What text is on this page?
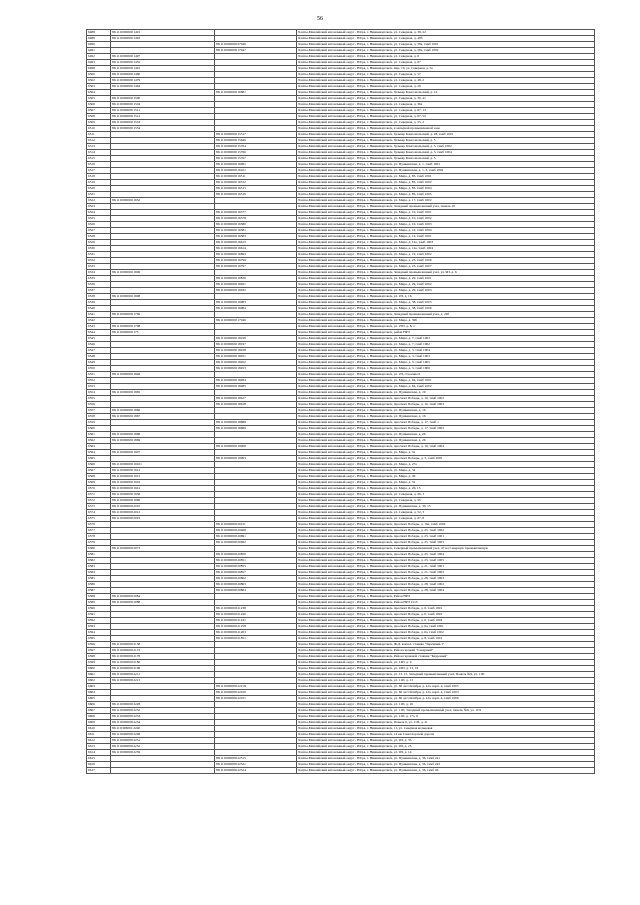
56
6488	86:11:0000000:1491		Ханты-Мансийский автономный округ - Югра, г. Нижневартовск, ул. Северная, д. 39, 22
6489	86:11:0000000:1493		Ханты-Мансийский автономный округ - Югра, г. Нижневартовск, ул. Северная, д. 49б
6490		86:11:0000000:27946	Ханты-Мансийский автономный округ - Югра, г. Нижневартовск, ул. Северная, д. 58а, тамб 1001
6491		86:11:0000000:17947	Ханты-Мансийский автономный округ - Югра, г. Нижневартовск, ул. Северная, д. 58а, тамб 1002
6492	86:11:0000000:1497		Ханты-Мансийский автономный округ - Югра, г. Нижневартовск, ул. Северная, д. 6
6493	86:11:0000000:1455		Ханты-Мансийский автономный округ - Югра, г. Нижневартовск, ул. Северная, д. 67
6498	86:11:0000000:1461		Ханты-Мансийский автономный округ - Югра, г. Нижневартовск, мкр. 10, ул. Северная, д. 5а
6500	86:11:0000000:1460		Ханты-Мансийский автономный округ - Югра, г. Нижневартовск, ул. Северная, д. 57
6502	86:11:0000000:1479		Ханты-Мансийский автономный округ - Югра, г. Нижневартовск, ул. Северная, д. 48, 2
6503	86:11:0000000:1464		Ханты-Мансийский автономный округ - Югра, г. Нижневартовск, ул. Северная, д. 29
6504		86:11:0000000:16681	Ханты-Мансийский автономный округ - Югра, г. Нижневартовск, бульвар Комсомольский, д. 14
6505	86:11:0000000:1500		Ханты-Мансийский автономный округ - Югра, г. Нижневартовск, ул. Северная, д. 30, 41
6506	86:11:0000000:1504		Ханты-Мансийский автономный округ - Югра, г. Нижневартовск, ул. Северная, д. 36а
6507	86:11:0000000:1511		Ханты-Мансийский автономный округ - Югра, г. Нижневартовск, ул. Северная, д. 67, 13
6508	86:11:0000000:1512		Ханты-Мансийский автономный округ - Югра, г. Нижневартовск, ул. Северная, д. 67, 52
6509	86:11:0000000:1533		Ханты-Мансийский автономный округ - Югра, г. Нижневартовск, ул. Северная, д. 55, 2
6510	86:11:0000000:1534		Ханты-Мансийский автономный округ - Югра, г. Нижневартовск, в западной промышленной зоне
6511		86:11:0000000:15317	Ханты-Мансийский автономный округ - Югра, г. Нижневартовск, бульвар Комсомольский, д. 28, тамб 1001
6512		86:11:0000000:15646	Ханты-Мансийский автономный округ - Югра, г. Нижневартовск, бульвар Комсомольский, д. 5
6513		86:11:0000000:15764	Ханты-Мансийский автономный округ - Югра, г. Нижневартовск, бульвар Комсомольский, д. 5, тамб 1002
6514		86:11:0000000:15766	Ханты-Мансийский автономный округ - Югра, г. Нижневартовск, бульвар Комсомольский, д. 5, тамб 1004
6515		86:11:0000000:15767	Ханты-Мансийский автономный округ - Югра, г. Нижневартовск, бульвар Комсомольский, д. 5
6516		86:11:0000000:16091	Ханты-Мансийский автономный округ - Югра, г. Нижневартовск, ул. Пушкинская, д. 1, тамб 1001
6517		86:11:0000000:16101	Ханты-Мансийский автономный округ - Югра, г. Нижневартовск, ул. Пушкинская, д. 1, 3, тамб 1002
6518		86:11:0000000:16511	Ханты-Мансийский автономный округ - Югра, г. Нижневартовск, ул. Мира, д. 85, тамб 1001
6519		86:11:0000000:16512	Ханты-Мансийский автономный округ - Югра, г. Нижневартовск, ул. Мира, д. 85, тамб 1002
6520		86:11:0000000:16513	Ханты-Мансийский автономный округ - Югра, г. Нижневартовск, ул. Мира, д. 85, тамб 1004
6521		86:11:0000000:16516	Ханты-Мансийский автономный округ - Югра, г. Нижневартовск, ул. Мира, д. 85, тамб 1005
6522	86:11:0000000:1652		Ханты-Мансийский автономный округ - Югра, г. Нижневартовск, ул. Мира, д. 17, тамб 1002
6523			Ханты-Мансийский автономный округ - Югра, г. Нижневартовск, Западный промышленный узел, панель 16
6524		86:11:0000000:16577	Ханты-Мансийский автономный округ - Югра, г. Нижневартовск, ул. Мира, д. 10, тамб 1001
6525		86:11:0000000:16578	Ханты-Мансийский автономный округ - Югра, г. Нижневартовск, ул. Мира, д. 10, тамб 1002
6526		86:11:0000000:16580	Ханты-Мансийский автономный округ - Югра, г. Нижневартовск, ул. Мира, д. 10, тамб 1003
6527		86:11:0000000:16581	Ханты-Мансийский автономный округ - Югра, г. Нижневартовск, ул. Мира, д. 10, тамб 1004
6528		86:11:0000000:16583	Ханты-Мансийский автономный округ - Югра, г. Нижневартовск, ул. Мира, д. 14, тамб 1001
6529		86:11:0000000:16613	Ханты-Мансийский автономный округ - Югра, г. Нижневартовск, ул. Мира, д. 14а, тамб 1003
6530		86:11:0000000:16614	Ханты-Мансийский автономный округ - Югра, г. Нижневартовск, ул. Мира, д. 14а, тамб 1004
6531		86:11:0000000:16693	Ханты-Мансийский автономный округ - Югра, г. Нижневартовск, ул. Мира, д. 19, тамб 1002
6532		86:11:0000000:16796	Ханты-Мансийский автономный округ - Югра, г. Нижневартовск, ул. Мира, д. 23, тамб 1006
6533		86:11:0000000:16797	Ханты-Мансийский автономный округ - Югра, г. Нижневартовск, ул. Мира, д. 23, тамб 1007
6534	86:11:0000000:1696		Ханты-Мансийский автономный округ - Югра, г. Нижневартовск, Западный промышленный узел, ул. 9П, д. 6
6535		86:11:0000000:16830	Ханты-Мансийский автономный округ - Югра, г. Нижневартовск, ул. Мира, д. 29, тамб 1001
6536		86:11:0000000:16921	Ханты-Мансийский автономный округ - Югра, г. Нижневартовск, ул. Мира, д. 29, тамб 1002
6537		86:11:0000000:16932	Ханты-Мансийский автономный округ - Югра, г. Нижневартовск, ул. Мира, д. 29, тамб 1003
6538	86:11:0000000:1698		Ханты-Мансийский автономный округ - Югра, г. Нижневартовск, ул. 2П, д. 16
6539		86:11:0000000:16983	Ханты-Мансийский автономный округ - Югра, г. Нижневартовск, ул. Мира, д. 38, тамб 1005
6540		86:11:0000000:16984	Ханты-Мансийский автономный округ - Югра, г. Нижневартовск, ул. Мира, д. 38, тамб 1006
6541	86:11:0000000:1706		Ханты-Мансийский автономный округ - Югра, г. Нижневартовск, Западный промышленный узел, д. 24б
6542		86:11:0000000:17046	Ханты-Мансийский автономный округ - Югра, г. Нижневартовск, ул. Мира, д. 39б
6543	86:11:0000000:1708		Ханты-Мансийский автономный округ - Югра, г. Нижневартовск, ул. 25П, д. 8, 1
6544	86:11:0000000:175		Ханты-Мансийский автономный округ - Югра, г. Нижневартовск, район НРЭ
6545		86:11:0000000:18196	Ханты-Мансийский автономный округ - Югра, г. Нижневартовск, ул. Мира, д. 7, тамб 1003
6546		86:11:0000000:18197	Ханты-Мансийский автономный округ - Югра, г. Нижневартовск, ул. Мира, д. 7, тамб 1002
6547		86:11:0000000:18438	Ханты-Мансийский автономный округ - Югра, г. Нижневартовск, ул. Мира, д. 3, тамб 1004
6548		86:11:0000000:18451	Ханты-Мансийский автономный округ - Югра, г. Нижневартовск, ул. Мира, д. 3, тамб 1003
6549		86:11:0000000:18452	Ханты-Мансийский автономный округ - Югра, г. Нижневартовск, ул. Мира, д. 3, тамб 1005
6550		86:11:0000000:18453	Ханты-Мансийский автономный округ - Югра, г. Нижневартовск, ул. Мира, д. 3, тамб 1006
6551	86:11:0000000:1846		Ханты-Мансийский автономный округ - Югра, г. Нижневартовск, ул. 2П, строение 6
6552		86:11:0000000:18484	Ханты-Мансийский автономный округ - Югра, г. Нижневартовск, ул. Мира, д. 64, тамб 1001
6553		86:11:0000000:18485	Ханты-Мансийский автономный округ - Югра, г. Нижневартовск, ул. Мира, д. 64, тамб 1002
6554	86:11:0000000:1865		Ханты-Мансийский автономный округ - Югра, г. Нижневартовск, ул. Пушкинская, д. 19
6555		86:11:0000000:18617	Ханты-Мансийский автономный округ - Югра, г. Нижневартовск, проспект Победы, д. 10, тамб 1002
6556		86:11:0000000:18618	Ханты-Мансийский автономный округ - Югра, г. Нижневартовск, проспект Победы, д. 10, тамб 1003
6557	86:11:0000000:1866		Ханты-Мансийский автономный округ - Югра, г. Нижневартовск, ул. Пушкинская, д. 16
6558	86:11:0000000:1867		Ханты-Мансийский автономный округ - Югра, г. Нижневартовск, ул. Пушкинская, д. 16
6559		86:11:0000000:18688	Ханты-Мансийский автономный округ - Югра, г. Нижневартовск, проспект Победы, д. 17, тамб 1
6560		86:11:0000000:18689	Ханты-Мансийский автономный округ - Югра, г. Нижневартовск, проспект Победы, д. 17, тамб 1002
6561	86:11:0000000:1868		Ханты-Мансийский автономный округ - Югра, г. Нижневартовск, ул. Пушкинская, д. 26
6562	86:11:0000000:1869		Ханты-Мансийский автономный округ - Югра, г. Нижневартовск, ул. Пушкинская, д. 26
6563		86:11:0000000:19008	Ханты-Мансийский автономный округ - Югра, г. Нижневартовск, проспект Победы, д. 19, тамб 1004
6564	86:11:0000000:1907		Ханты-Мансийский автономный округ - Югра, г. Нижневартовск, ул. Мира, д. 3а
6565		86:11:0000000:19093	Ханты-Мансийский автономный округ - Югра, г. Нижневартовск, проспект Победы, д. 3, тамб 1005
6566	86:11:0000000:19101		Ханты-Мансийский автономный округ - Югра, г. Нижневартовск, ул. Мира, д. 27а
6567	86:11:0000000:1912		Ханты-Мансийский автономный округ - Югра, г. Нижневартовск, ул. Мира, д. 34
6568	86:11:0000000:1915		Ханты-Мансийский автономный округ - Югра, г. Нижневартовск, ул. Мира, д. 40
6569	86:11:0000000:1916		Ханты-Мансийский автономный округ - Югра, г. Нижневартовск, ул. Мира, д. 32
6570	86:11:0000000:1941		Ханты-Мансийский автономный округ - Югра, г. Нижневартовск, ул. Мира, д. 26, 15
6571	86:11:0000000:1956		Ханты-Мансийский автономный округ - Югра, г. Нижневартовск, ул. Северная, д. 26, 3
6572	86:11:0000000:1966		Ханты-Мансийский автономный округ - Югра, г. Нижневартовск, ул. Северная, д. 5б
6573	86:11:0000000:2010		Ханты-Мансийский автономный округ - Югра, г. Нижневартовск, ул. Пушкинская, д. 30, 15
6574	86:11:0000000:2012		Ханты-Мансийский автономный округ - Югра, г. Нижневартовск, ул. Северная, д. 52, 3
6575	86:11:0000000:2023		Ханты-Мансийский автономный округ - Югра, г. Нижневартовск, ул. Северная, д. 67, 8
6576		86:11:0000000:20211	Ханты-Мансийский автономный округ - Югра, г. Нижневартовск, проспект Победы, д. 16а, тамб 1004
6577		86:11:0000000:20468	Ханты-Мансийский автономный округ - Югра, г. Нижневартовск, проспект Победы, д. 25, тамб 1002
6578		86:11:0000000:20691	Ханты-Мансийский автономный округ - Югра, г. Нижневартовск, проспект Победы, д. 25, тамб 1001
6579		86:11:0000000:20692	Ханты-Мансийский автономный округ - Югра, г. Нижневартовск, проспект Победы, д. 25, тамб 1003
6580	86:11:0000000:2073		Ханты-Мансийский автономный округ - Югра, г. Нижневартовск, Северный промышленный узел, 47 на Северную промышленную
6581		86:11:0000000:20850	Ханты-Мансийский автономный округ - Югра, г. Нижневартовск, проспект Победы, д. 25, тамб 1004
6582		86:11:0000000:20851	Ханты-Мансийский автономный округ - Югра, г. Нижневартовск, проспект Победы, д. 25, тамб 1005
6583		86:11:0000000:20855	Ханты-Мансийский автономный округ - Югра, г. Нижневартовск, проспект Победы, д. 21, тамб 1001
6584		86:11:0000000:20857	Ханты-Мансийский автономный округ - Югра, г. Нижневартовск, проспект Победы, д. 21, тамб 1002
6585		86:11:0000000:20862	Ханты-Мансийский автономный округ - Югра, г. Нижневартовск, проспект Победы, д. 28, тамб 1003
6586		86:11:0000000:20863	Ханты-Мансийский автономный округ - Югра, г. Нижневартовск, проспект Победы, д. 28, тамб 1002
6587		86:11:0000000:20864	Ханты-Мансийский автономный округ - Югра, г. Нижневартовск, проспект Победы, д. 28, тамб 1004
6588	86:11:0000000:2084		Ханты-Мансийский автономный округ - Югра, г. Нижневартовск, Район НРЭ
6589	86:11:0000000:2088		Ханты-Мансийский автономный округ - Югра, г. Нижневартовск, Район НРЭ 2113
6590		86:11:0000000:21238	Ханты-Мансийский автономный округ - Югра, г. Нижневартовск, проспект Победы, д. 6, тамб 1001
6591		86:11:0000000:21240	Ханты-Мансийский автономный округ - Югра, г. Нижневартовск, проспект Победы, д. 6, тамб 1003
6592		86:11:0000000:21241	Ханты-Мансийский автономный округ - Югра, г. Нижневартовск, проспект Победы, д. 6, тамб 1004
6593		86:11:0000000:21258	Ханты-Мансийский автономный округ - Югра, г. Нижневартовск, проспект Победы, д. 6а, тамб 1001
6594		86:11:0000000:21263	Ханты-Мансийский автономный округ - Югра, г. Нижневартовск, проспект Победы, д. 6а, тамб 1002
6595		86:11:0000000:21851	Ханты-Мансийский автономный округ - Югра, г. Нижневартовск, проспект Победы, д. 8, тамб 1001
6596	86:11:0000000:2158		Ханты-Мансийский автономный округ - Югра, г. Нижневартовск, Ж.Д. вокзал. стоянка "Заречный-1"
6597	86:11:0000000:2172		Ханты-Мансийский автономный округ - Югра, г. Нижневартовск, Район гаражей "Северный"
6598	86:11:0000000:2178		Ханты-Мансийский автономный округ - Югра, г. Нижневартовск, Район гаражной стоянки "Кедровый"
6599	86:11:0000000:2180		Ханты-Мансийский автономный округ - Югра, г. Нижневартовск, ул. 14П, д. 9
6600	86:11:0000000:2198		Ханты-Мансийский автономный округ - Югра, г. Нижневартовск, ул. 16П, д. 13, 16
6601	86:11:0000000:2211		Ханты-Мансийский автономный округ - Югра, г. Нижневартовск, ул. 15, 15, Западный промышленный узел, Панель №9, ул. 11П
6602	86:11:0000000:2213		Ханты-Мансийский автономный округ - Югра, г. Нижневартовск, ул. 11П, д. 13
6603		86:11:0000000:22218	Ханты-Мансийский автономный округ - Югра, г. Нижневартовск, ул. 60 лет Октября, д. 12а, корп. 4, тамб 1005
6604		86:11:0000000:22220	Ханты-Мансийский автономный округ - Югра, г. Нижневартовск, ул. 60 лет Октября, д. 12а, корп. 4, тамб 1003
6605		86:11:0000000:22221	Ханты-Мансийский автономный округ - Югра, г. Нижневартовск, ул. 60 лет Октября, д. 12а, корп. 4, тамб 1006
6606	86:11:0000000:2228		Ханты-Мансийский автономный округ - Югра, г. Нижневартовск, ул. 11П, д. 16
6607	86:11:0000000:2232		Ханты-Мансийский автономный округ - Югра, г. Нижневартовск, ул. 11П, Западный промышленный узел, панель №9, ул. 11П
6608	86:11:0000000:2233		Ханты-Мансийский автономный округ - Югра, г. Нижневартовск, ул. 11П, д. 17а, 6
6609	86:11:0000000:2234		Ханты-Мансийский автономный округ - Югра, г. Нижневартовск, Панель 9, ул. 11П, д. 21
6610	86:11:0306001:2240		Ханты-Мансийский автономный округ - Югра, г. Нижневартовск, 11, ул. Северная кольцевая
6611	86:11:0000000:2248		Ханты-Мансийский автономный округ - Югра, г. Нижневартовск, 14 км Самотлорской дороги
6612	86:11:0000000:2251		Ханты-Мансийский автономный округ - Югра, г. Нижневартовск, ул. 9П, д. 3б
6613	86:11:0000000:2252		Ханты-Мансийский автономный округ - Югра, г. Нижневартовск, ул. 9П, д. 25
6614	86:11:0000000:2259		Ханты-Мансийский автономный округ - Югра, г. Нижневартовск, ул. 9П, д. 14
6615		86:11:0000000:22315	Ханты-Мансийский автономный округ - Югра, г. Нижневартовск, ул. Пушкинская, д. 36, тамб 241
6616		86:11:0000000:22321	Ханты-Мансийский автономный округ - Югра, г. Нижневартовск, ул. Пушкинская, д. 36, тамб 243
6617		86:11:0000000:22324	Ханты-Мансийский автономный округ - Югра, г. Нижневартовск, ул. Пушкинская, д. 36, тамб 46
